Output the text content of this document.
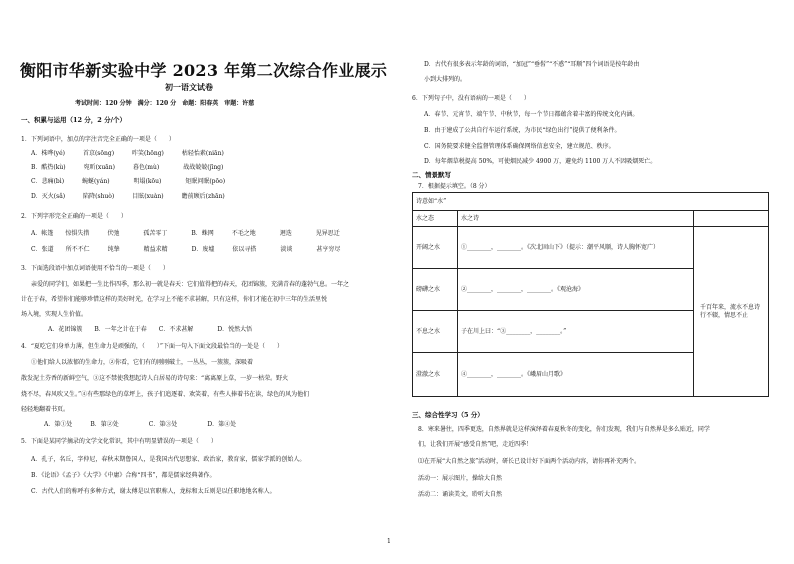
衡阳市华新实验中学 2023 年第二次综合作业展示
初一语文试卷
考试时间：120 分钟　满分：120 分　命题：阳春英　审题：许慈
一、积累与运用（12 分，2 分/个）
1．下列词语中，加点的字注音完全正确的一项是（　　）
A．株哗(yé)　　　首京(sōng)　　　咋笑(hōng)　　　枯轻怡素(niān)
B．酷热(kù)　　　宛昕(xuān)　　　暮色(mù)　　　　战战兢兢(jīng)
C．悲痛(bì)　　　蜿蜒(yán)　　　　明塌(kōu)　　　　矩眠问眠(pōo)
D．灭火(sǎ)　　　陷降(shuò)　　　目眩(xuàn)　　　瞻前顾后(zhān)
2．下列字形完全正确的一项是（　　）
A．帐篷　　惊惧失措　　　伏弛　　　　孤苦零丁　　　　B．蛛网　　　不毛之地　　　　迴迭　　　　见异思迁
C．张道　　所不不仁　　　纯挚　　　　精益求精　　　　D．废墟　　　依以寻搭　　　　淡谈　　　　甚亨穷尽
3．下面选段语中加点词语使用不恰当的一项是（　　）
亲爱的同学们，如果把一生比作四季，那么初一就是春天：它们值得把的春天，花团锦簇，充满青春的蓬勃气息。一年之
计在于春，希望你们能够珍惜这样的美好时光，在学习上不能不求甚解，只有这样，你们才能在初中三年的生活里悦
场入境，实现人生价值。
A．花团锦簇　　B．一年之计在于春　　C．不求甚解　　　　D．悦然大悟
4．“夏吃它们身单力薄，但生命力是顽强的，（　　）”下面一句入下面文段最恰当的一处是（　　）
①他们给人以浓郁的生命力，②你看，它们有的刚刚破土，一丛丛，一簇簇，深吸着
散发泥土芬香的新鲜空气，③这不禁使我想起诗人白居易的诗句来：“离离原上草，一岁一枯荣。野火
烧不尽，春风吹又生。”④有些那绿色的草坪上，孩子们追逐着、欢笑着，有些人捧着书在读，绿色的风为他们
轻轻地翻着书页。
A．第①处　　　B．第②处　　　　　C．第③处　　　　　D．第④处
5．下面是某同学摘录的文学文化常识，其中有明显错误的一项是（　　）
A．孔子，名丘，字仲尼，春秋末期鲁国人，是我国古代思想家、政治家，教育家，儒家学派的创始人。
B．《论语》《孟子》《大学》《中庸》合称“四书”，都是儒家经典著作。
C．古代人们的称呼有多种方式，谢太傅是以官职称人，龙标和太丘则是以任职地地名称人。
D．古代有很多表示年龄的词语，“加冠”“垂髫”“不惑”“耳顺”四个词语是按年龄由
小到大排列的。
6．下列句子中，没有语病的一项是（　　）
A．春节、元宵节、端午节、中秋节，每一个节日都蕴含着丰富的传统文化内涵。
B．由于建成了公共自行车运行系统，为市民“绿色出行”提供了便利条件。
C．国务院要求健全监督管理体系确保网络信息安全，建立规范、秩序。
D．每年烟草税提高 50%，可使烟民减少 4900 万，避免约 1100 万人不因吸烟死亡。
二、情景默写
7．根据提示填空。（8 分）
诗意如“水”		
水之态	水之诗	
开阔之水	①________，________。《次北固山下》（提示：潮平风顺，诗人胸怀宽广）	千百年来，流水不息诗行不辍，情思不止
磅礴之水	②________，________，________。《观沧海》	
不息之水	子在川上曰：“③________，________。”	
澄澈之水	④________，________。《峨眉山月歌》	
三、综合性学习（5 分）
8．寒来暑往，四季更迭，自然界就是这样演绎着春夏秋冬的变化，你们发现，我们与自然界是多么贴近，同学
们，让我们开展“感受自然”吧，走近四季！
⑴在开展“大自然之旅”活动时，研长已设计好下面两个活动内容，请你再补充两个。
活动一：展示图片，操给大自然
活动二：诵读美文，聆听大自然
1
